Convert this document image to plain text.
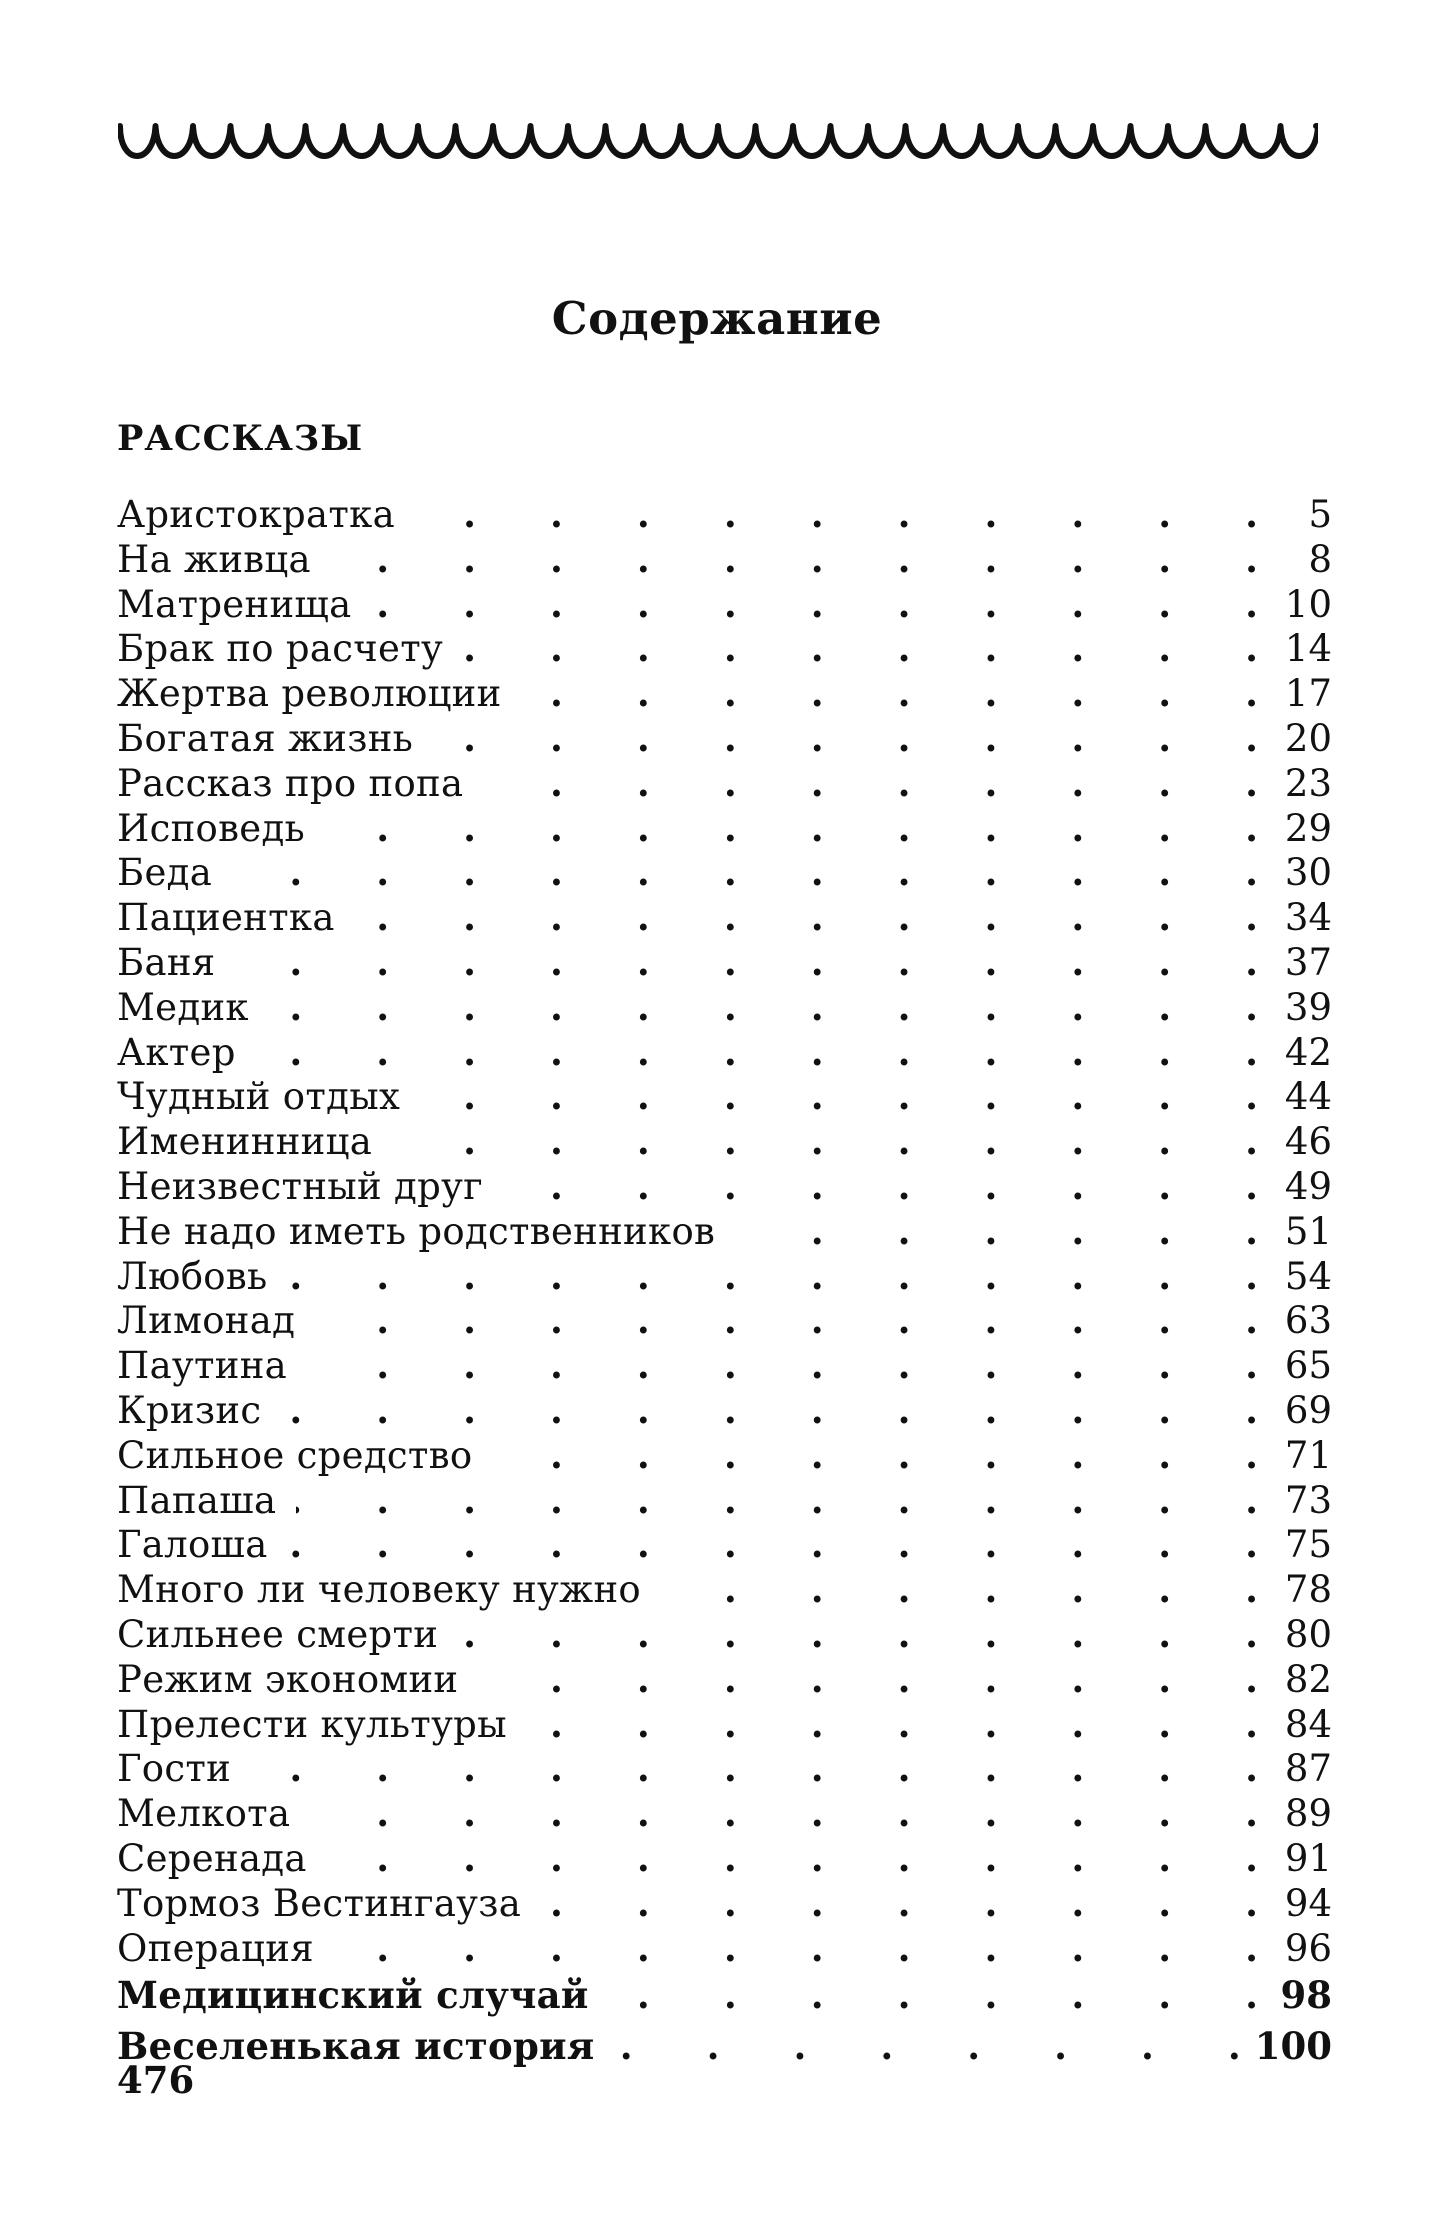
Содержание
РАССКАЗЫ
Аристократка .  . 	5
На живца .  . 	8
Матренища .  . 	10
Брак по расчету .  . 	14
Жертва революции .  . 	17
Богатая жизнь .  . 	20
Рассказ про попа .  . 	23
Исповедь .  . 	29
Беда .  . 	30
Пациентка .  . 	34
Баня .  . 	37
Медик .  . 	39
Актер .  . 	42
Чудный отдых .  . 	44
Именинница .  . 	46
Неизвестный друг .  . 	49
Не надо иметь родственников .  . 	51
Любовь .  . 	54
Лимонад .  . 	63
Паутина .  . 	65
Кризис .  . 	69
Сильное средство .  . 	71
Папаша .  . 	73
Галоша .  . 	75
Много ли человеку нужно .  . 	78
Сильнее смерти .  . 	80
Режим экономии .  . 	82
Прелести культуры .  . 	84
Гости .  . 	87
Мелкота .  . 	89
Серенада .  . 	91
Тормоз Вестингауза .  . 	94
Операция .  . 	96
Медицинский случай .  . 	98
Веселенькая история .  . 	100
476
